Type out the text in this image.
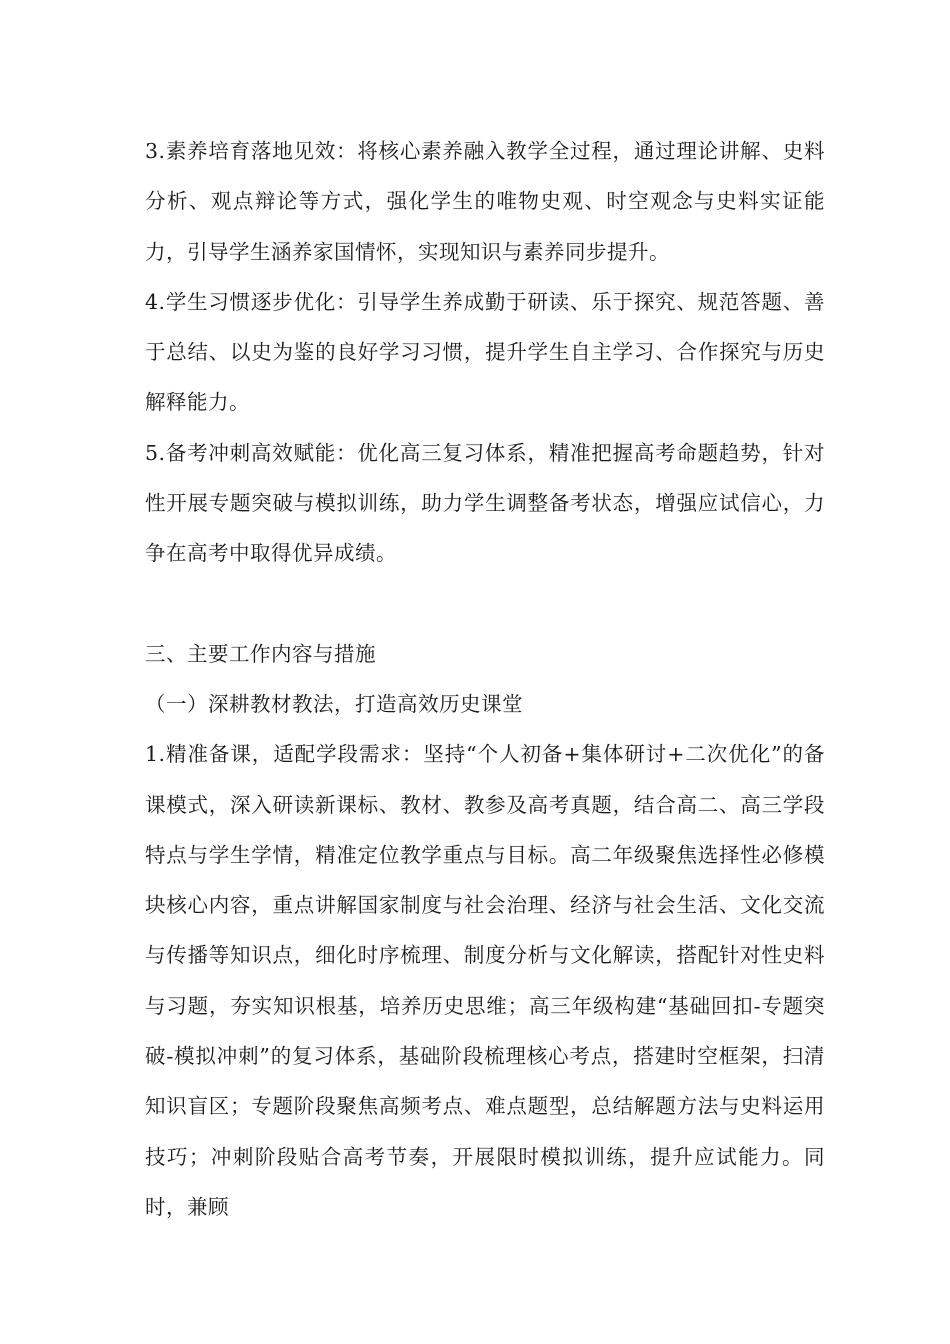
3.素养培育落地见效：将核心素养融入教学全过程，通过理论讲解、史料分析、观点辩论等方式，强化学生的唯物史观、时空观念与史料实证能力，引导学生涵养家国情怀，实现知识与素养同步提升。

4.学生习惯逐步优化：引导学生养成勤于研读、乐于探究、规范答题、善于总结、以史为鉴的良好学习习惯，提升学生自主学习、合作探究与历史解释能力。

5.备考冲刺高效赋能：优化高三复习体系，精准把握高考命题趋势，针对性开展专题突破与模拟训练，助力学生调整备考状态，增强应试信心，力争在高考中取得优异成绩。

三、主要工作内容与措施

（一）深耕教材教法，打造高效历史课堂

1.精准备课，适配学段需求：坚持“个人初备+集体研讨+二次优化”的备课模式，深入研读新课标、教材、教参及高考真题，结合高二、高三学段特点与学生学情，精准定位教学重点与目标。高二年级聚焦选择性必修模块核心内容，重点讲解国家制度与社会治理、经济与社会生活、文化交流与传播等知识点，细化时序梳理、制度分析与文化解读，搭配针对性史料与习题，夯实知识根基，培养历史思维；高三年级构建“基础回扣-专题突破-模拟冲刺”的复习体系，基础阶段梳理核心考点，搭建时空框架，扫清知识盲区；专题阶段聚焦高频考点、难点题型，总结解题方法与史料运用技巧；冲刺阶段贴合高考节奏，开展限时模拟训练，提升应试能力。同时，兼顾
